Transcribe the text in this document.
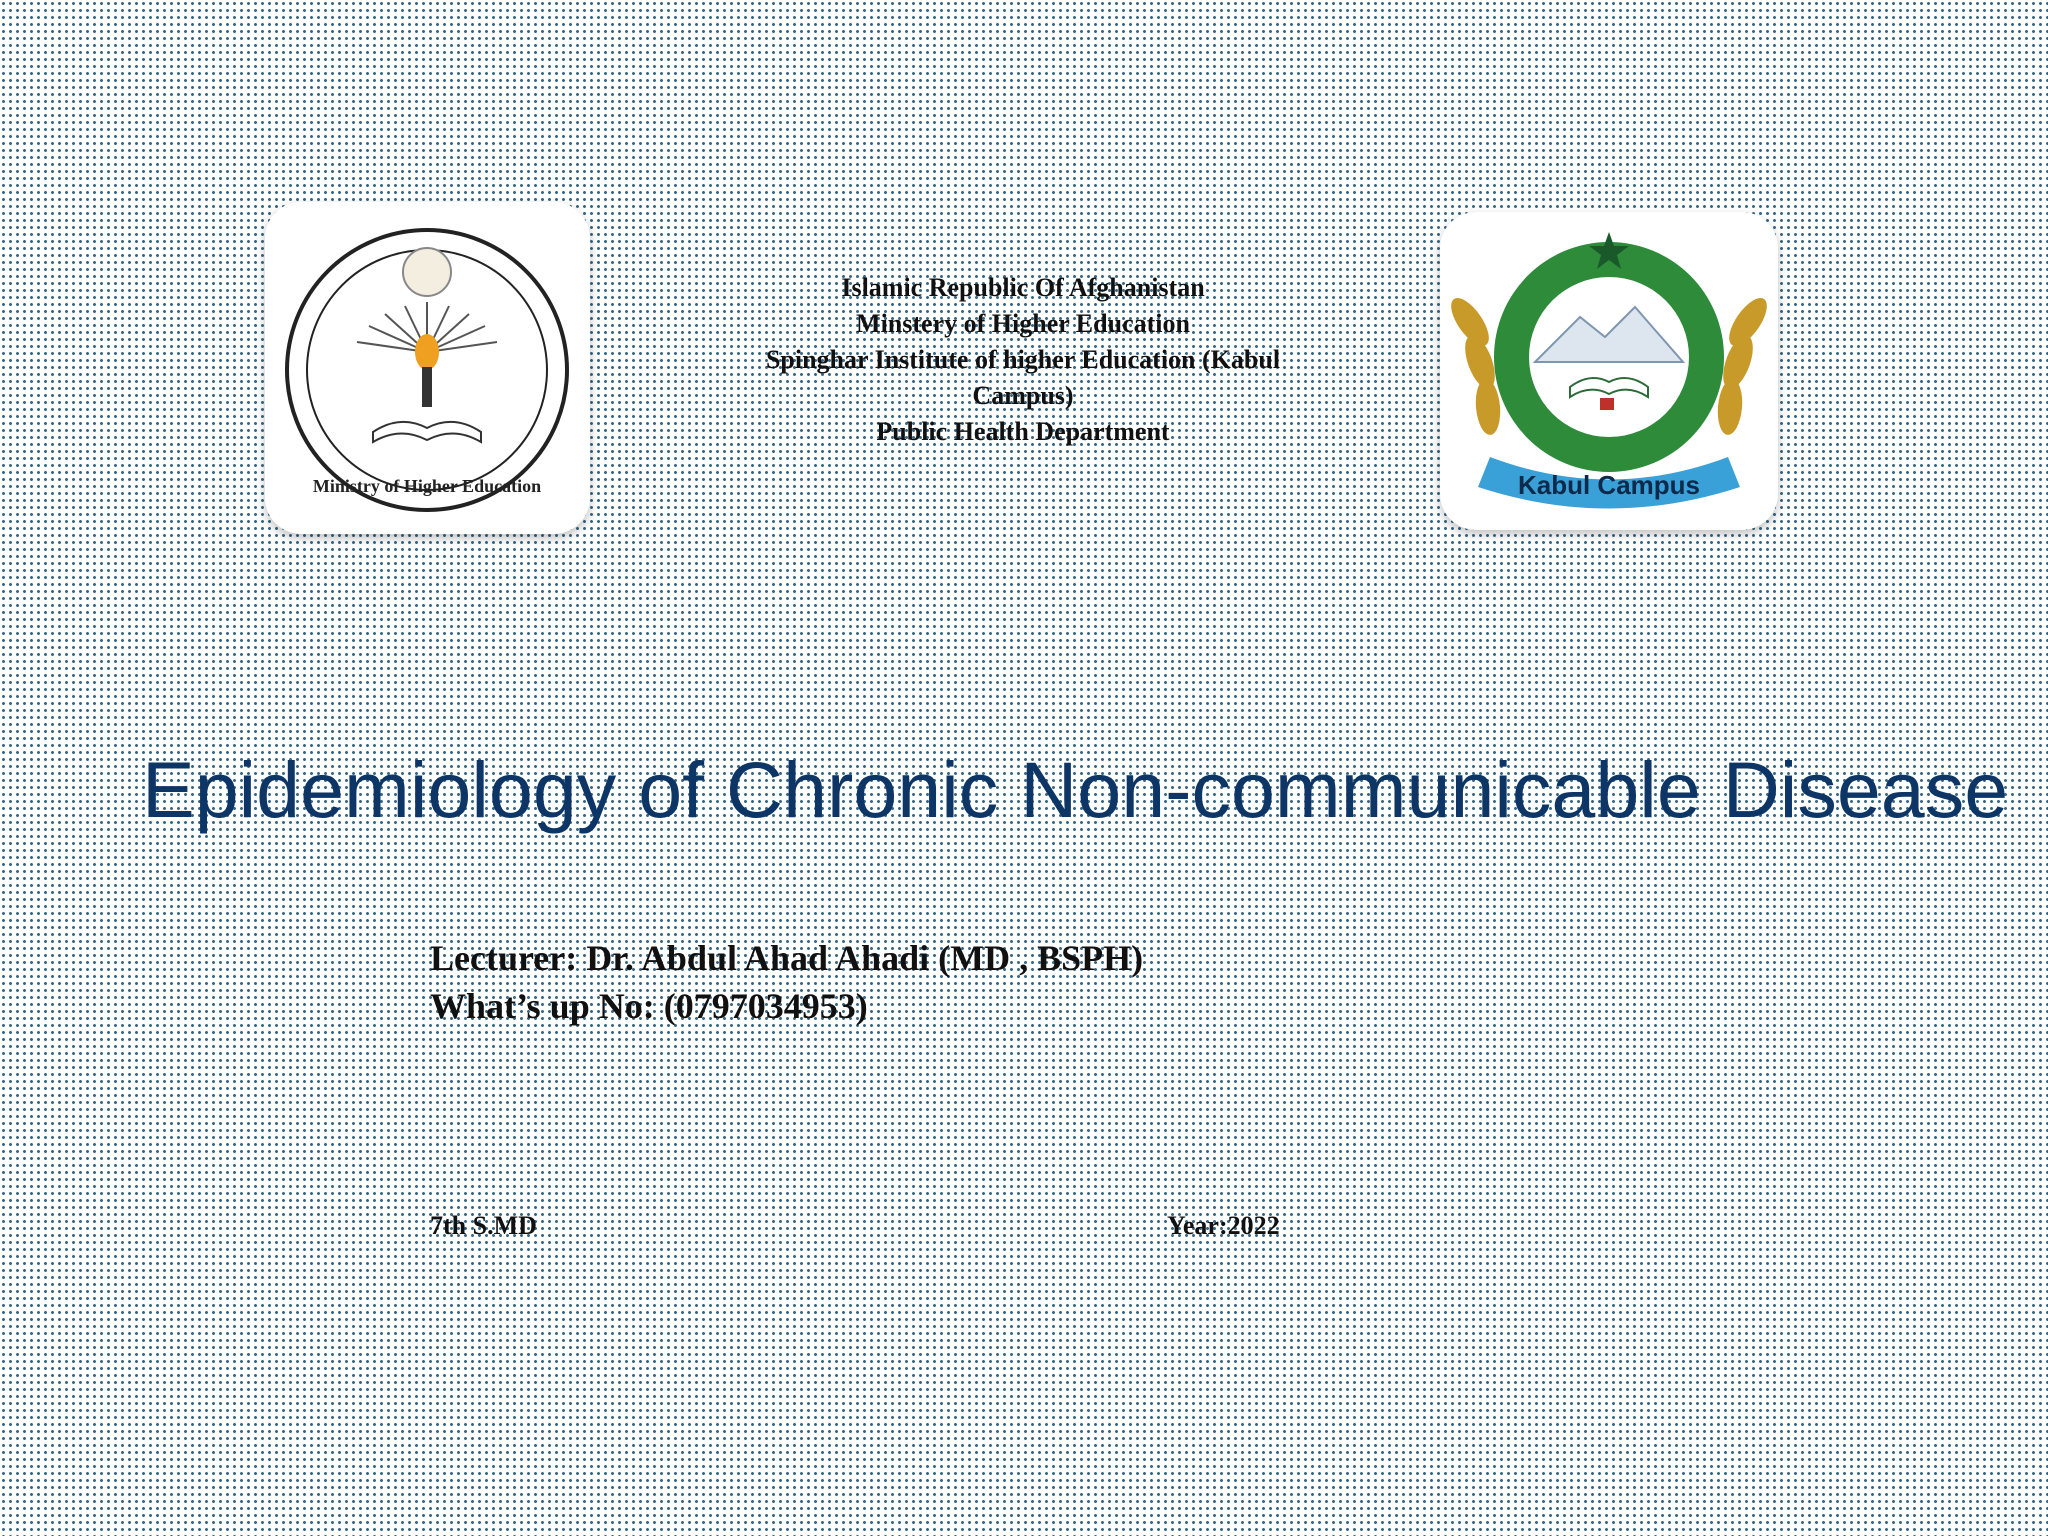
Ministry of Higher Education
Islamic Republic Of Afghanistan
Minstery of Higher Education
Spinghar Institute of higher Education (Kabul
Campus)
Public Health Department
Kabul Campus
Epidemiology of Chronic Non-communicable Disease
Lecturer: Dr. Abdul Ahad Ahadi (MD , BSPH)
What’s up No: (0797034953)
7th S.MD	Year:2022
